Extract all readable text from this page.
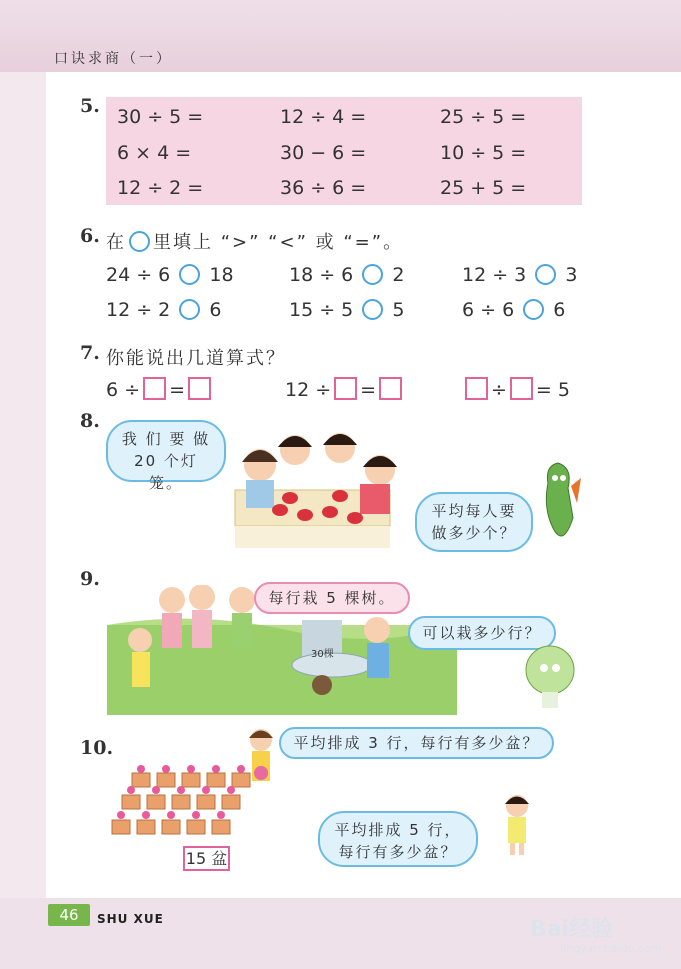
口诀求商（一）
5. 30 ÷ 5 =	12 ÷ 4 =	25 ÷ 5 =
6 × 4 =	30 − 6 =	10 ÷ 5 =
12 ÷ 2 =	36 ÷ 6 =	25 + 5 =
6. 在 里填上 “>” “<” 或 “=”。
24 ÷ 6 18	18 ÷ 6 2	12 ÷ 3 3
12 ÷ 2 6	15 ÷ 5 5	6 ÷ 6 6
7. 你能说出几道算式？
6 ÷ =	12 ÷ =	÷ = 5
8.
我 们 要 做
20 个灯笼。
平均每人要
做多少个？
9.
每行栽 5 棵树。
30棵
可以栽多少行？
10.	平均排成 3 行，每行有多少盆？
15 盆
平均排成 5 行，
每行有多少盆？
46	SHU XUE	Bai经验
jingyan.baidu.com
